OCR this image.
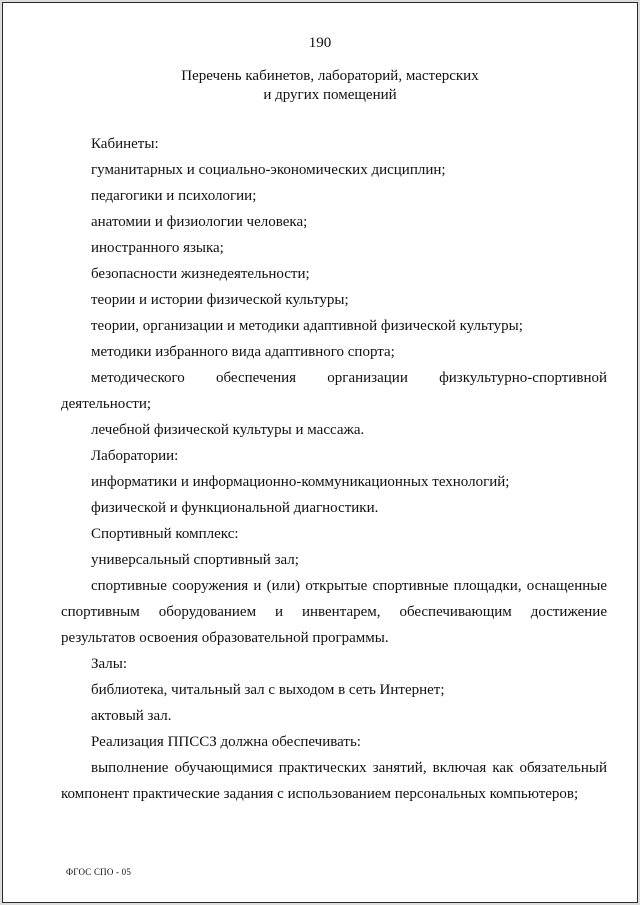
190
Перечень кабинетов, лабораторий, мастерских
и других помещений

Кабинеты:

гуманитарных и социально-экономических дисциплин;

педагогики и психологии;

анатомии и физиологии человека;

иностранного языка;

безопасности жизнедеятельности;

теории и истории физической культуры;

теории, организации и методики адаптивной физической культуры;

методики избранного вида адаптивного спорта;

методического обеспечения организации физкультурно-спортивной
деятельности;

лечебной физической культуры и массажа.

Лаборатории:

информатики и информационно-коммуникационных технологий;

физической и функциональной диагностики.

Спортивный комплекс:

универсальный спортивный зал;

спортивные сооружения и (или) открытые спортивные площадки, оснащенные
спортивным оборудованием и инвентарем, обеспечивающим достижение
результатов освоения образовательной программы.

Залы:

библиотека, читальный зал с выходом в сеть Интернет;

актовый зал.

Реализация ППССЗ должна обеспечивать:

выполнение обучающимися практических занятий, включая как обязательный
компонент практические задания с использованием персональных компьютеров;
ФГОС СПО - 05
